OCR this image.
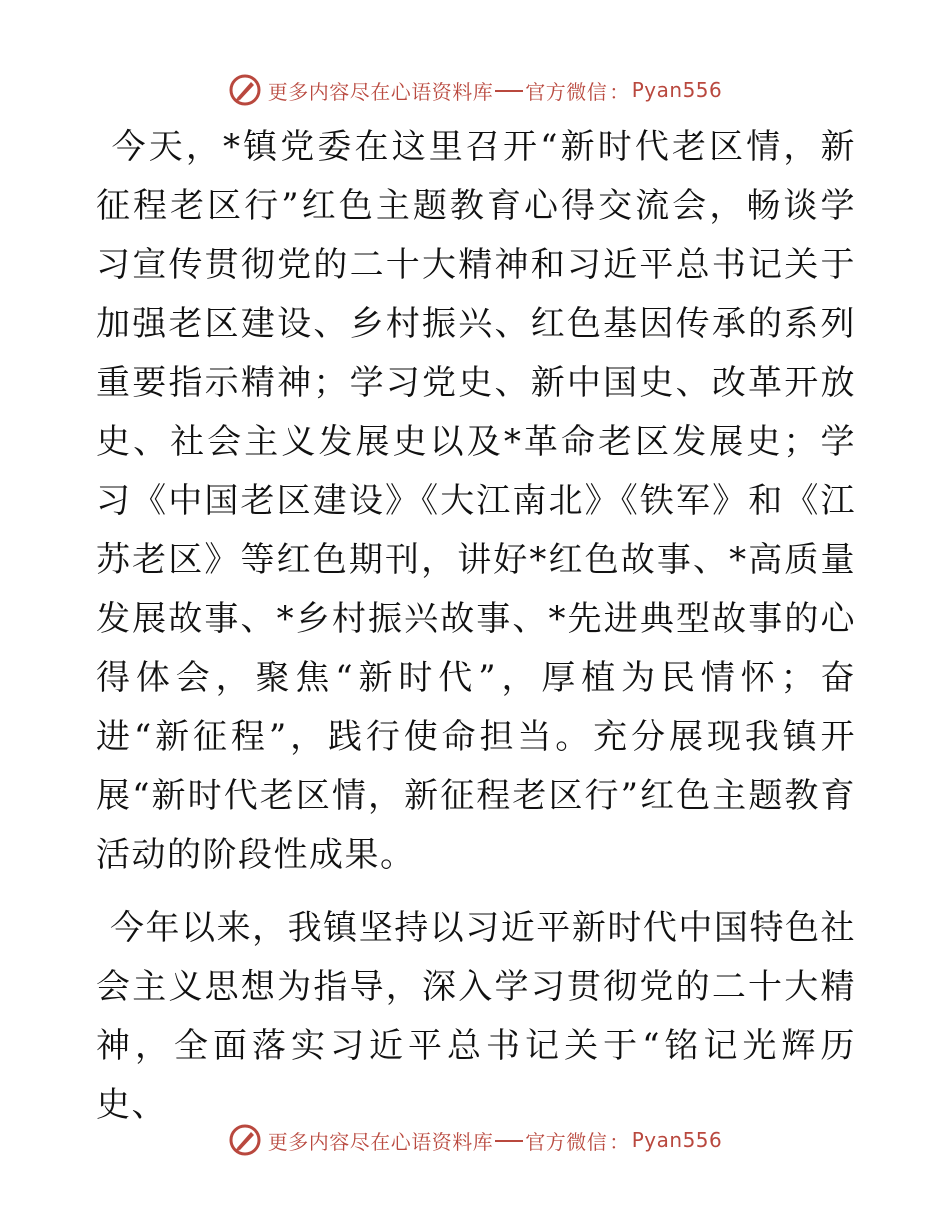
更多内容尽在心语资料库 官方微信 ： Pyan556

今天，*镇党委在这里召开“新时代老区情，新征程老区行”红色主题教育心得交流会，畅谈学习宣传贯彻党的二十大精神和习近平总书记关于加强老区建设、乡村振兴、红色基因传承的系列重要指示精神；学习党史、新中国史、改革开放史、社会主义发展史以及*革命老区发展史；学习《中国老区建设》《大江南北》《铁军》和《江苏老区》等红色期刊，讲好*红色故事、*高质量发展故事、*乡村振兴故事、*先进典型故事的心得体会，聚焦“新时代”，厚植为民情怀；奋进“新征程”，践行使命担当。充分展现我镇开展“新时代老区情，新征程老区行”红色主题教育活动的阶段性成果。

今年以来，我镇坚持以习近平新时代中国特色社会主义思想为指导，深入学习贯彻党的二十大精神，全面落实习近平总书记关于“铭记光辉历史、

更多内容尽在心语资料库 官方微信 ： Pyan556
